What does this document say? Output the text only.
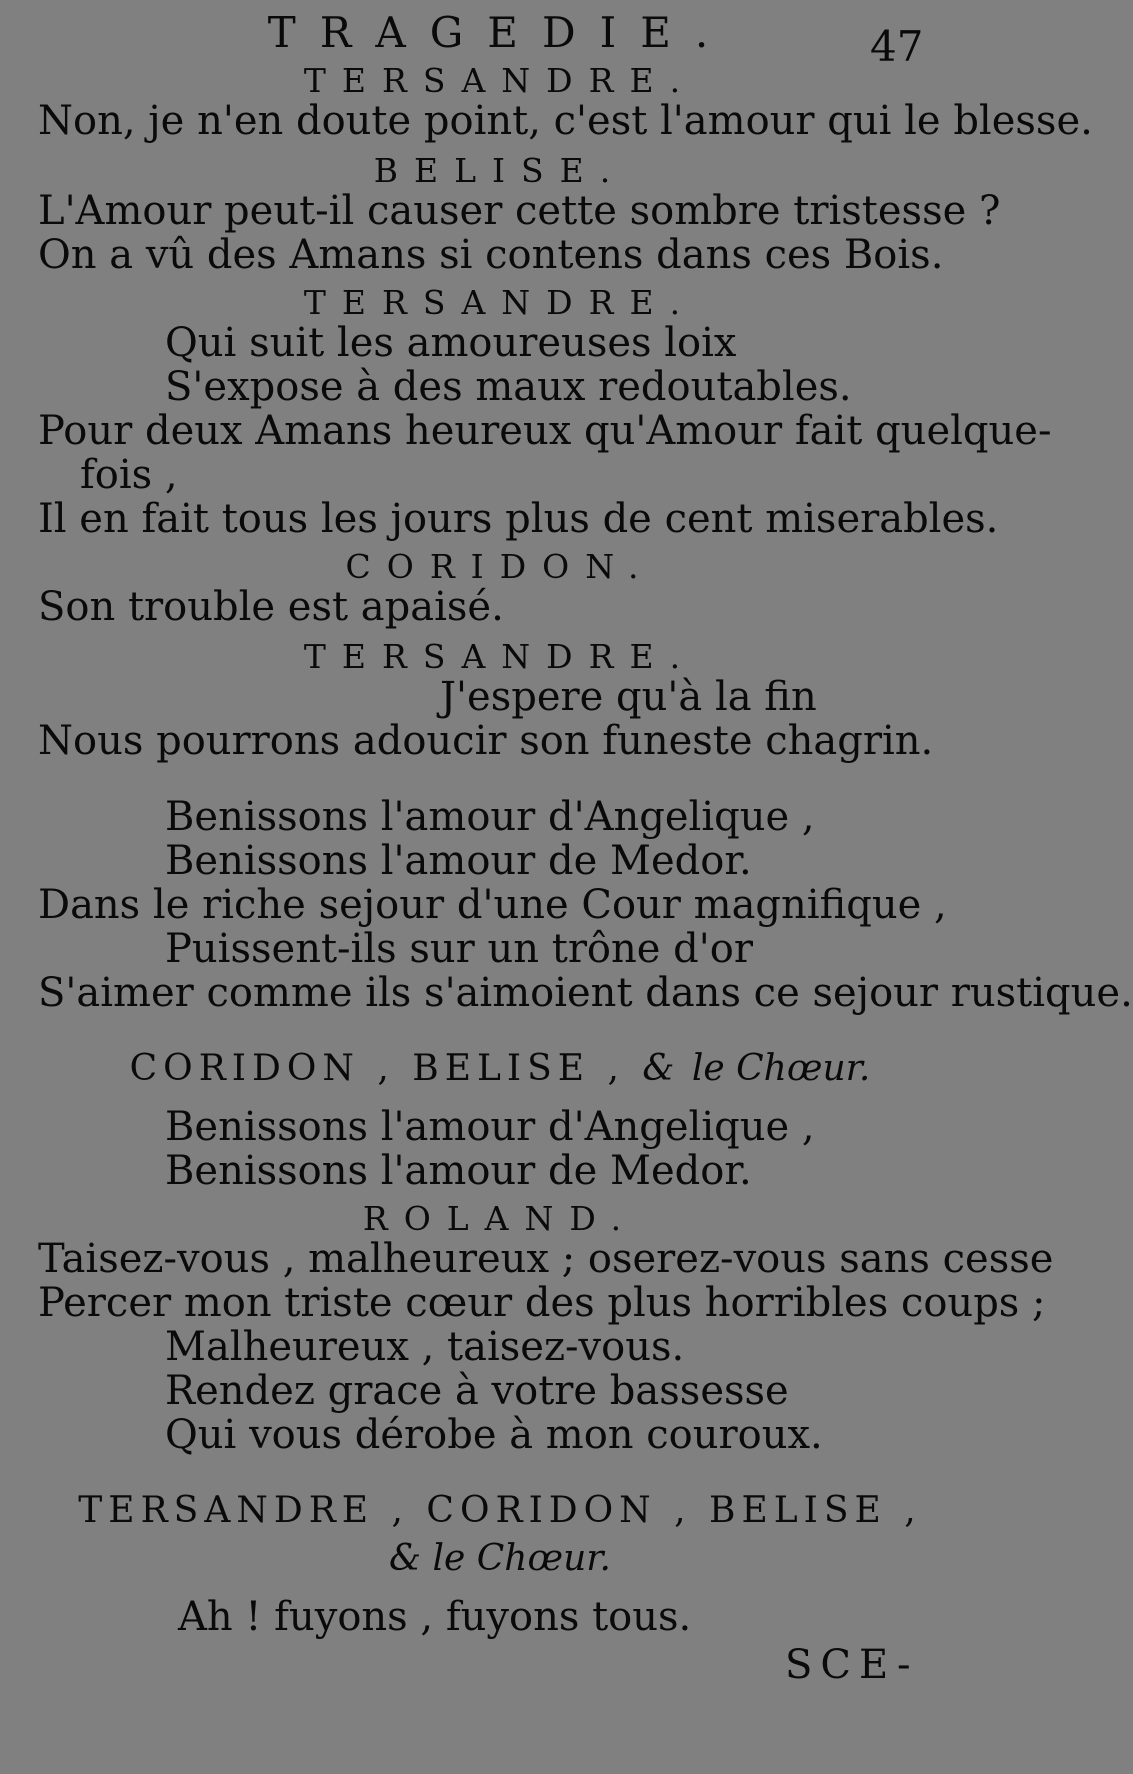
TRAGEDIE.	47
TERSANDRE.
Non, je n'en doute point, c'est l'amour qui le blesse.
BELISE.
L'Amour peut-il causer cette sombre tristesse ?
On a vû des Amans si contens dans ces Bois.
TERSANDRE.
Qui suit les amoureuses loix
S'expose à des maux redoutables.
Pour deux Amans heureux qu'Amour fait quelque-
fois ,
Il en fait tous les jours plus de cent miserables.
CORIDON.
Son trouble est apaisé.
TERSANDRE.
J'espere qu'à la fin
Nous pourrons adoucir son funeste chagrin.
Benissons l'amour d'Angelique ,
Benissons l'amour de Medor.
Dans le riche sejour d'une Cour magnifique ,
Puissent-ils sur un trône d'or
S'aimer comme ils s'aimoient dans ce sejour rustique.
CORIDON , BELISE , & le Chœur.
Benissons l'amour d'Angelique ,
Benissons l'amour de Medor.
ROLAND.
Taisez-vous , malheureux ; oserez-vous sans cesse
Percer mon triste cœur des plus horribles coups ;
Malheureux , taisez-vous.
Rendez grace à votre bassesse
Qui vous dérobe à mon couroux.
TERSANDRE , CORIDON , BELISE ,
& le Chœur.
Ah ! fuyons , fuyons tous.
SCE-
